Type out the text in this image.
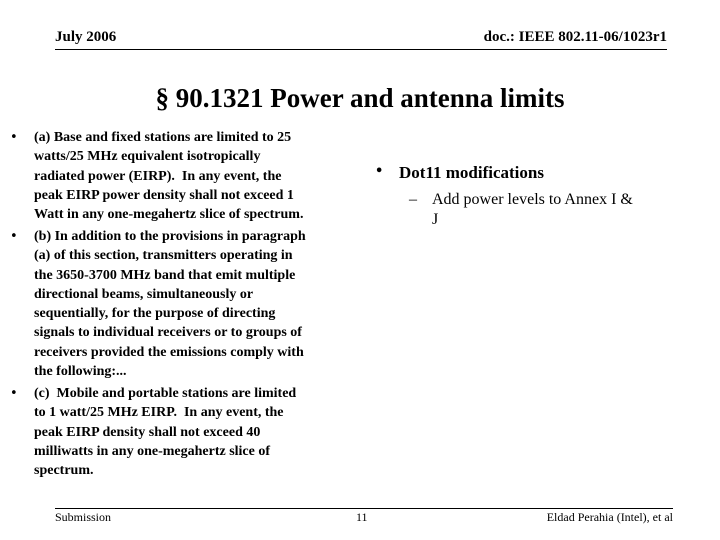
July 2006	doc.: IEEE 802.11-06/1023r1
§ 90.1321 Power and antenna limits
• (a) Base and fixed stations are limited to 25
watts/25 MHz equivalent isotropically
radiated power (EIRP).  In any event, the
peak EIRP power density shall not exceed 1
Watt in any one-megahertz slice of spectrum.
• (b) In addition to the provisions in paragraph
(a) of this section, transmitters operating in
the 3650-3700 MHz band that emit multiple
directional beams, simultaneously or
sequentially, for the purpose of directing
signals to individual receivers or to groups of
receivers provided the emissions comply with
the following:...
• (c)  Mobile and portable stations are limited
to 1 watt/25 MHz EIRP.  In any event, the
peak EIRP density shall not exceed 40
milliwatts in any one-megahertz slice of
spectrum.
• Dot11 modifications

–

Add power levels to Annex I &
J

Submission	11	Eldad Perahia (Intel), et al
